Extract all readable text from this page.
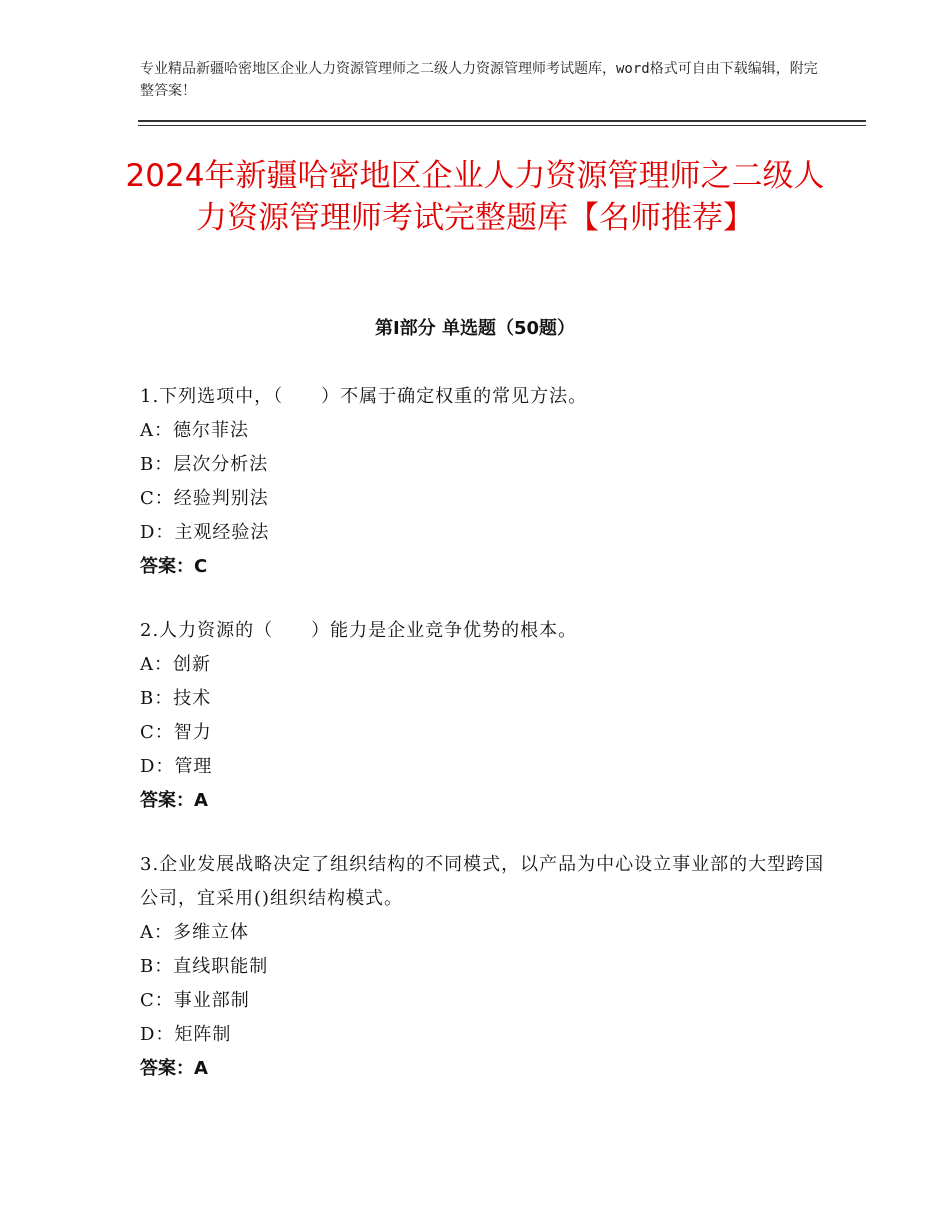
专业精品新疆哈密地区企业人力资源管理师之二级人力资源管理师考试题库，word格式可自由下载编辑，附完整答案！
2024年新疆哈密地区企业人力资源管理师之二级人力资源管理师考试完整题库【名师推荐】
第Ⅰ部分 单选题（50题）
1.下列选项中，（　　）不属于确定权重的常见方法。
A： 德尔菲法
B： 层次分析法
C： 经验判别法
D： 主观经验法
答案：C
2.人力资源的（　　）能力是企业竞争优势的根本。
A： 创新
B： 技术
C： 智力
D： 管理
答案：A
3.企业发展战略决定了组织结构的不同模式，以产品为中心设立事业部的大型跨国公司，宜采用()组织结构模式。
A： 多维立体
B： 直线职能制
C： 事业部制
D： 矩阵制
答案：A
